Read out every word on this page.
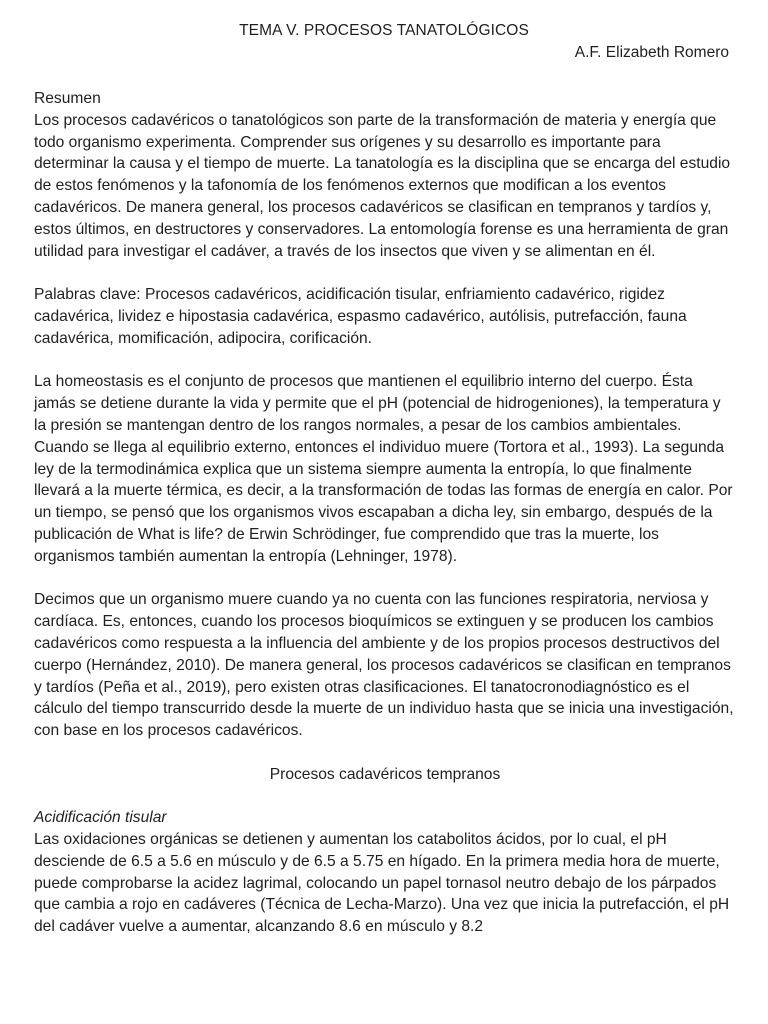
TEMA V. PROCESOS TANATOLÓGICOS
A.F. Elizabeth Romero
Resumen

Los procesos cadavéricos o tanatológicos son parte de la transformación de materia y energía que todo organismo experimenta. Comprender sus orígenes y su desarrollo es importante para determinar la causa y el tiempo de muerte. La tanatología es la disciplina que se encarga del estudio de estos fenómenos y la tafonomía de los fenómenos externos que modifican a los eventos cadavéricos. De manera general, los procesos cadavéricos se clasifican en tempranos y tardíos y, estos últimos, en destructores y conservadores. La entomología forense es una herramienta de gran utilidad para investigar el cadáver, a través de los insectos que viven y se alimentan en él.

Palabras clave: Procesos cadavéricos, acidificación tisular, enfriamiento cadavérico, rigidez cadavérica, lividez e hipostasia cadavérica, espasmo cadavérico, autólisis, putrefacción, fauna cadavérica, momificación, adipocira, corificación.

La homeostasis es el conjunto de procesos que mantienen el equilibrio interno del cuerpo. Ésta jamás se detiene durante la vida y permite que el pH (potencial de hidrogeniones), la temperatura y la presión se mantengan dentro de los rangos normales, a pesar de los cambios ambientales. Cuando se llega al equilibrio externo, entonces el individuo muere (Tortora et al., 1993). La segunda ley de la termodinámica explica que un sistema siempre aumenta la entropía, lo que finalmente llevará a la muerte térmica, es decir, a la transformación de todas las formas de energía en calor. Por un tiempo, se pensó que los organismos vivos escapaban a dicha ley, sin embargo, después de la publicación de What is life? de Erwin Schrödinger, fue comprendido que tras la muerte, los organismos también aumentan la entropía (Lehninger, 1978).

Decimos que un organismo muere cuando ya no cuenta con las funciones respiratoria, nerviosa y cardíaca. Es, entonces, cuando los procesos bioquímicos se extinguen y se producen los cambios cadavéricos como respuesta a la influencia del ambiente y de los propios procesos destructivos del cuerpo (Hernández, 2010). De manera general, los procesos cadavéricos se clasifican en tempranos y tardíos (Peña et al., 2019), pero existen otras clasificaciones. El tanatocronodiagnóstico es el cálculo del tiempo transcurrido desde la muerte de un individuo hasta que se inicia una investigación, con base en los procesos cadavéricos.

Procesos cadavéricos tempranos
Acidificación tisular

Las oxidaciones orgánicas se detienen y aumentan los catabolitos ácidos, por lo cual, el pH desciende de 6.5 a 5.6 en músculo y de 6.5 a 5.75 en hígado. En la primera media hora de muerte, puede comprobarse la acidez lagrimal, colocando un papel tornasol neutro debajo de los párpados que cambia a rojo en cadáveres (Técnica de Lecha-Marzo). Una vez que inicia la putrefacción, el pH del cadáver vuelve a aumentar, alcanzando 8.6 en músculo y 8.2
